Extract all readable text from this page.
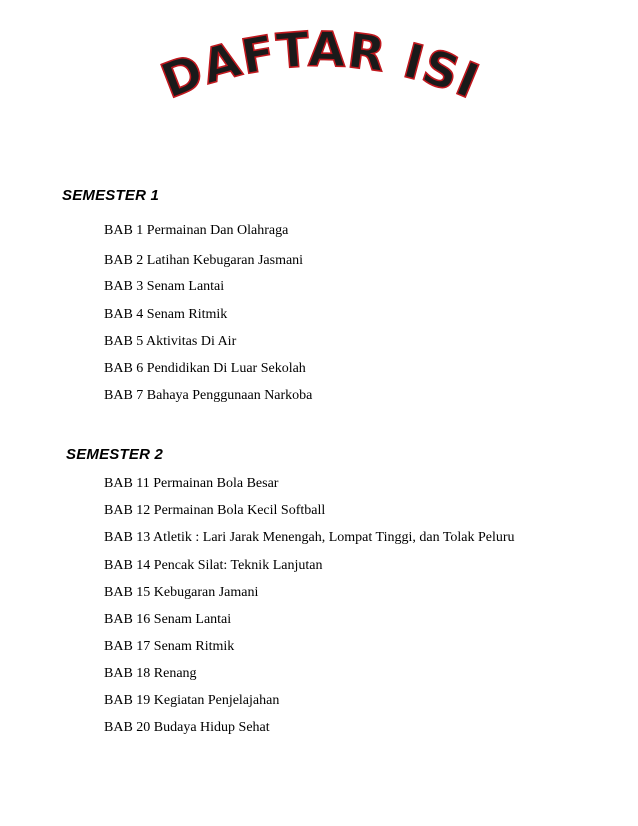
DAFTAR ISI

SEMESTER 1

BAB 1 Permainan Dan Olahraga
BAB 2 Latihan Kebugaran Jasmani
BAB 3 Senam Lantai
BAB 4 Senam Ritmik
BAB 5 Aktivitas Di Air
BAB 6 Pendidikan Di Luar Sekolah
BAB 7 Bahaya Penggunaan Narkoba

SEMESTER 2

BAB 11 Permainan Bola Besar
BAB 12 Permainan Bola Kecil Softball
BAB 13 Atletik : Lari Jarak Menengah, Lompat Tinggi, dan Tolak Peluru
BAB 14 Pencak Silat: Teknik Lanjutan
BAB 15 Kebugaran Jamani
BAB 16 Senam Lantai
BAB 17 Senam Ritmik
BAB 18 Renang
BAB 19 Kegiatan Penjelajahan
BAB 20 Budaya Hidup Sehat
